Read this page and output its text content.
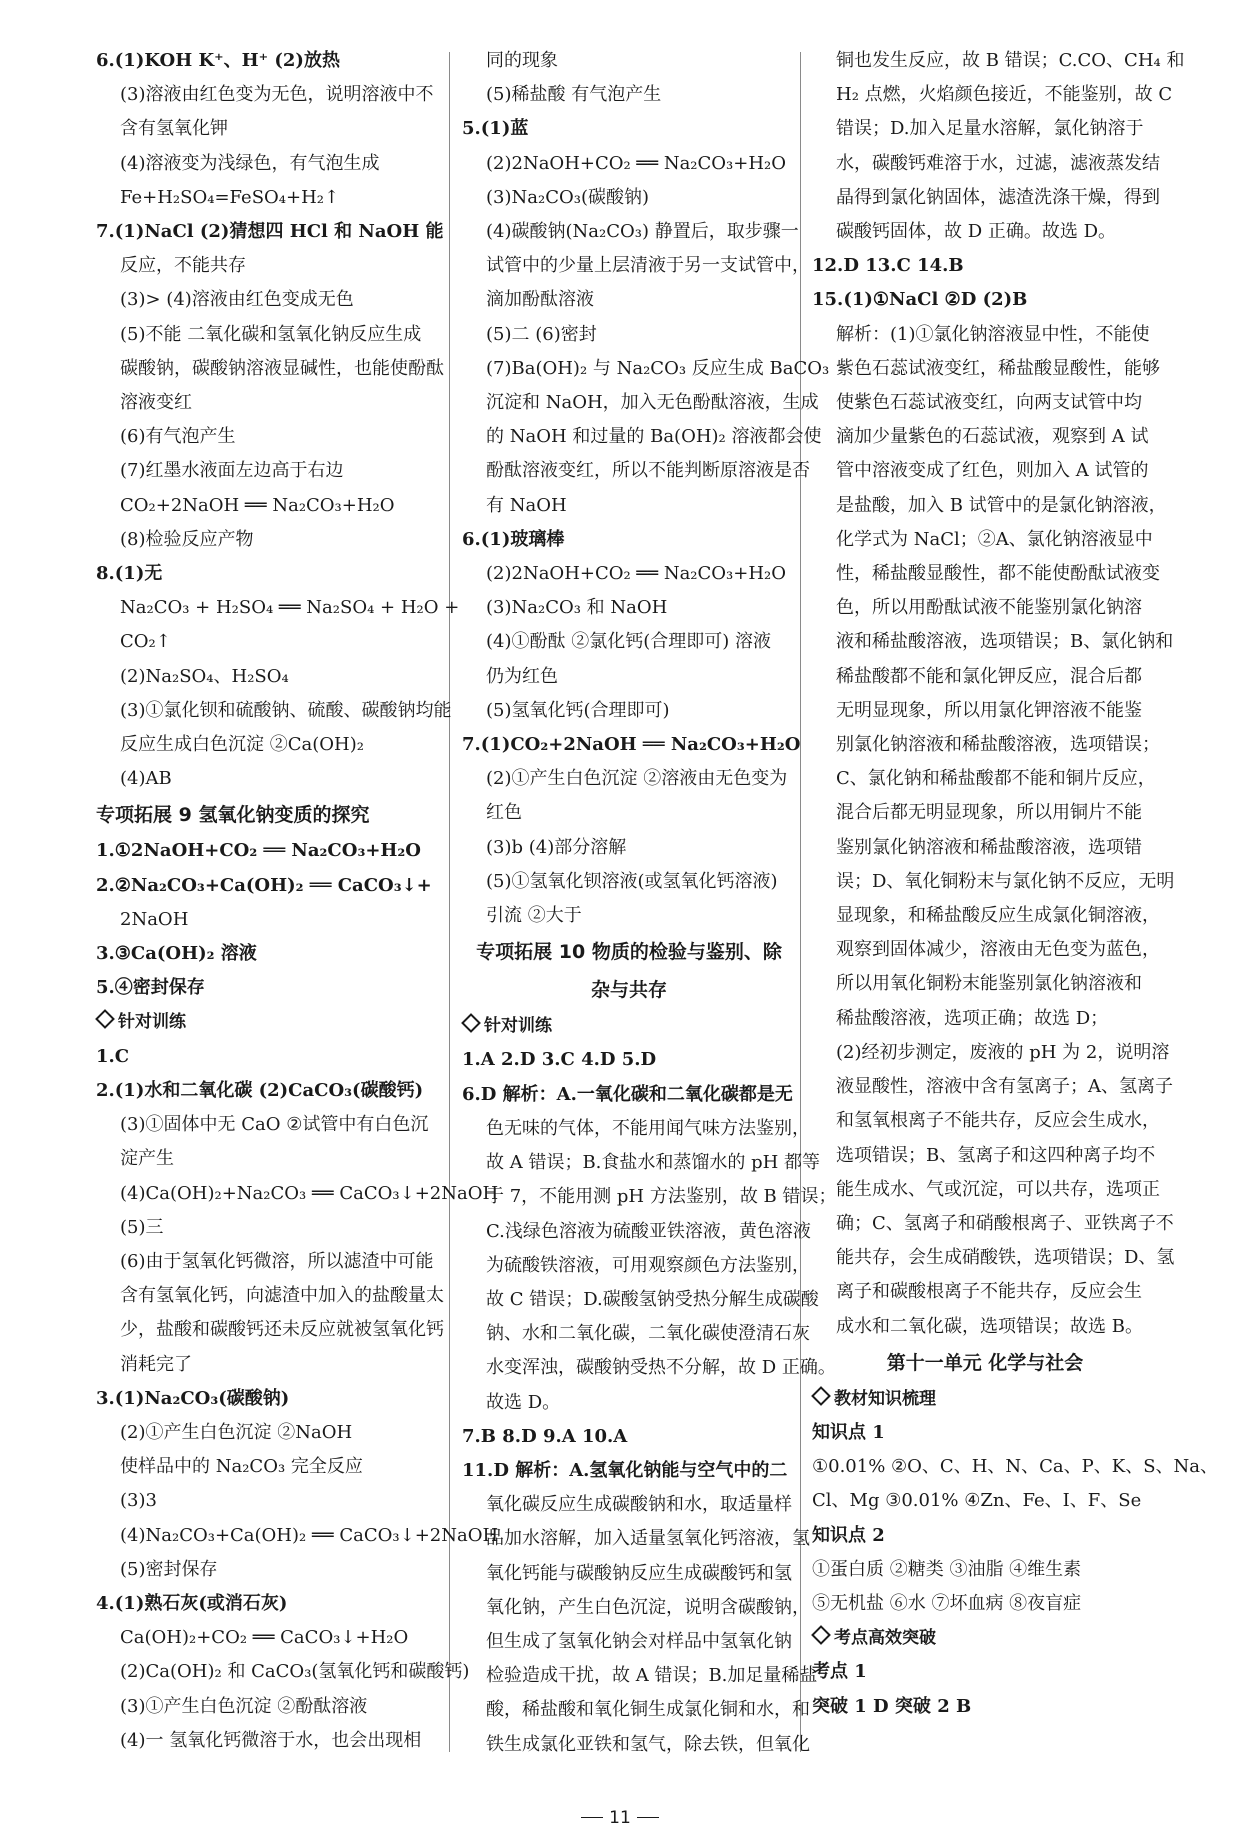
6.(1)KOH K⁺、H⁺ (2)放热
(3)溶液由红色变为无色，说明溶液中不
含有氢氧化钾
(4)溶液变为浅绿色，有气泡生成
Fe+H₂SO₄=FeSO₄+H₂↑
7.(1)NaCl (2)猜想四 HCl 和 NaOH 能
反应，不能共存
(3)> (4)溶液由红色变成无色
(5)不能 二氧化碳和氢氧化钠反应生成
碳酸钠，碳酸钠溶液显碱性，也能使酚酞
溶液变红
(6)有气泡产生
(7)红墨水液面左边高于右边
CO₂+2NaOH ══ Na₂CO₃+H₂O
(8)检验反应产物
8.(1)无
Na₂CO₃ + H₂SO₄ ══ Na₂SO₄ + H₂O +
CO₂↑
(2)Na₂SO₄、H₂SO₄
(3)①氯化钡和硫酸钠、硫酸、碳酸钠均能
反应生成白色沉淀 ②Ca(OH)₂
(4)AB
专项拓展 9 氢氧化钠变质的探究
1.①2NaOH+CO₂ ══ Na₂CO₃+H₂O
2.②Na₂CO₃+Ca(OH)₂ ══ CaCO₃↓+
2NaOH
3.③Ca(OH)₂ 溶液
5.④密封保存
针对训练
1.C
2.(1)水和二氧化碳 (2)CaCO₃(碳酸钙)
(3)①固体中无 CaO ②试管中有白色沉
淀产生
(4)Ca(OH)₂+Na₂CO₃ ══ CaCO₃↓+2NaOH
(5)三
(6)由于氢氧化钙微溶，所以滤渣中可能
含有氢氧化钙，向滤渣中加入的盐酸量太
少，盐酸和碳酸钙还未反应就被氢氧化钙
消耗完了
3.(1)Na₂CO₃(碳酸钠)
(2)①产生白色沉淀 ②NaOH
使样品中的 Na₂CO₃ 完全反应
(3)3
(4)Na₂CO₃+Ca(OH)₂ ══ CaCO₃↓+2NaOH
(5)密封保存
4.(1)熟石灰(或消石灰)
Ca(OH)₂+CO₂ ══ CaCO₃↓+H₂O
(2)Ca(OH)₂ 和 CaCO₃(氢氧化钙和碳酸钙)
(3)①产生白色沉淀 ②酚酞溶液
(4)一 氢氧化钙微溶于水，也会出现相
同的现象
(5)稀盐酸 有气泡产生
5.(1)蓝
(2)2NaOH+CO₂ ══ Na₂CO₃+H₂O
(3)Na₂CO₃(碳酸钠)
(4)碳酸钠(Na₂CO₃) 静置后，取步骤一
试管中的少量上层清液于另一支试管中，
滴加酚酞溶液
(5)二 (6)密封
(7)Ba(OH)₂ 与 Na₂CO₃ 反应生成 BaCO₃
沉淀和 NaOH，加入无色酚酞溶液，生成
的 NaOH 和过量的 Ba(OH)₂ 溶液都会使
酚酞溶液变红，所以不能判断原溶液是否
有 NaOH
6.(1)玻璃棒
(2)2NaOH+CO₂ ══ Na₂CO₃+H₂O
(3)Na₂CO₃ 和 NaOH
(4)①酚酞 ②氯化钙(合理即可) 溶液
仍为红色
(5)氢氧化钙(合理即可)
7.(1)CO₂+2NaOH ══ Na₂CO₃+H₂O
(2)①产生白色沉淀 ②溶液由无色变为
红色
(3)b (4)部分溶解
(5)①氢氧化钡溶液(或氢氧化钙溶液)
引流 ②大于
专项拓展 10 物质的检验与鉴别、除
杂与共存
针对训练
1.A 2.D 3.C 4.D 5.D
6.D 解析：A.一氧化碳和二氧化碳都是无
色无味的气体，不能用闻气味方法鉴别，
故 A 错误；B.食盐水和蒸馏水的 pH 都等
于 7，不能用测 pH 方法鉴别，故 B 错误；
C.浅绿色溶液为硫酸亚铁溶液，黄色溶液
为硫酸铁溶液，可用观察颜色方法鉴别，
故 C 错误；D.碳酸氢钠受热分解生成碳酸
钠、水和二氧化碳，二氧化碳使澄清石灰
水变浑浊，碳酸钠受热不分解，故 D 正确。
故选 D。
7.B 8.D 9.A 10.A
11.D 解析：A.氢氧化钠能与空气中的二
氧化碳反应生成碳酸钠和水，取适量样
品加水溶解，加入适量氢氧化钙溶液，氢
氧化钙能与碳酸钠反应生成碳酸钙和氢
氧化钠，产生白色沉淀，说明含碳酸钠，
但生成了氢氧化钠会对样品中氢氧化钠
检验造成干扰，故 A 错误；B.加足量稀盐
酸，稀盐酸和氧化铜生成氯化铜和水，和
铁生成氯化亚铁和氢气，除去铁，但氧化
铜也发生反应，故 B 错误；C.CO、CH₄ 和
H₂ 点燃，火焰颜色接近，不能鉴别，故 C
错误；D.加入足量水溶解，氯化钠溶于
水，碳酸钙难溶于水，过滤，滤液蒸发结
晶得到氯化钠固体，滤渣洗涤干燥，得到
碳酸钙固体，故 D 正确。故选 D。
12.D 13.C 14.B
15.(1)①NaCl ②D (2)B
解析：(1)①氯化钠溶液显中性，不能使
紫色石蕊试液变红，稀盐酸显酸性，能够
使紫色石蕊试液变红，向两支试管中均
滴加少量紫色的石蕊试液，观察到 A 试
管中溶液变成了红色，则加入 A 试管的
是盐酸，加入 B 试管中的是氯化钠溶液，
化学式为 NaCl；②A、氯化钠溶液显中
性，稀盐酸显酸性，都不能使酚酞试液变
色，所以用酚酞试液不能鉴别氯化钠溶
液和稀盐酸溶液，选项错误；B、氯化钠和
稀盐酸都不能和氯化钾反应，混合后都
无明显现象，所以用氯化钾溶液不能鉴
别氯化钠溶液和稀盐酸溶液，选项错误；
C、氯化钠和稀盐酸都不能和铜片反应，
混合后都无明显现象，所以用铜片不能
鉴别氯化钠溶液和稀盐酸溶液，选项错
误；D、氧化铜粉末与氯化钠不反应，无明
显现象，和稀盐酸反应生成氯化铜溶液，
观察到固体减少，溶液由无色变为蓝色，
所以用氧化铜粉末能鉴别氯化钠溶液和
稀盐酸溶液，选项正确；故选 D；
(2)经初步测定，废液的 pH 为 2，说明溶
液显酸性，溶液中含有氢离子；A、氢离子
和氢氧根离子不能共存，反应会生成水，
选项错误；B、氢离子和这四种离子均不
能生成水、气或沉淀，可以共存，选项正
确；C、氢离子和硝酸根离子、亚铁离子不
能共存，会生成硝酸铁，选项错误；D、氢
离子和碳酸根离子不能共存，反应会生
成水和二氧化碳，选项错误；故选 B。
第十一单元 化学与社会
教材知识梳理
知识点 1
①0.01% ②O、C、H、N、Ca、P、K、S、Na、
Cl、Mg ③0.01% ④Zn、Fe、I、F、Se
知识点 2
①蛋白质 ②糖类 ③油脂 ④维生素
⑤无机盐 ⑥水 ⑦坏血病 ⑧夜盲症
考点高效突破
考点 1
突破 1 D 突破 2 B
11
